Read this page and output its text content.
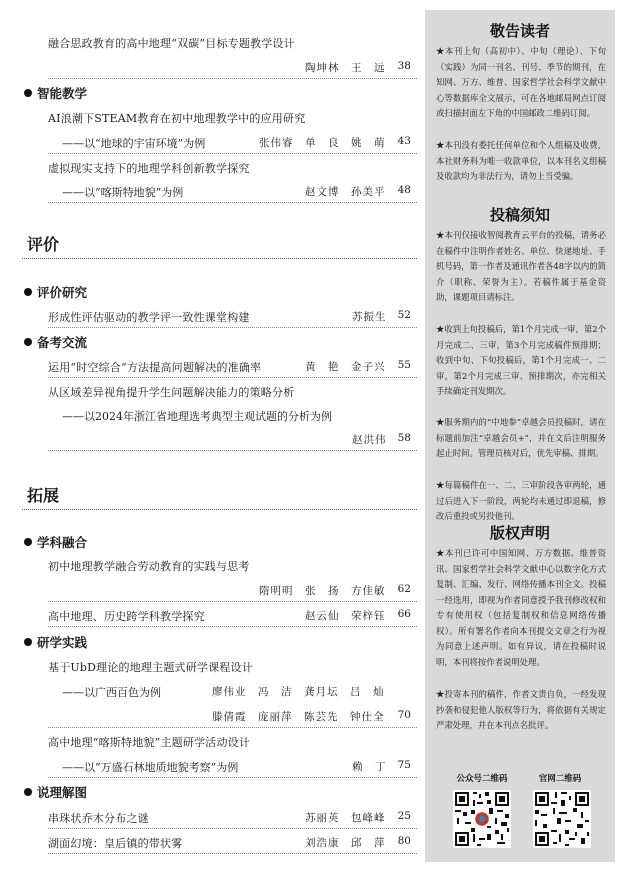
融合思政教育的高中地理“双碳”目标专题教学设计
陶坤林　王　远	38
智能教学
AI浪潮下STEAM教育在初中地理教学中的应用研究
——以“地球的宇宙环境”为例	张伟睿　单　良　姚　萌	43
虚拟现实支持下的地理学科创新教学探究
——以“喀斯特地貌”为例	赵文博　孙美平	48
评价
评价研究
形成性评估驱动的教学评一致性课堂构建	苏振生	52
备考交流
运用“时空综合”方法提高问题解决的准确率	黄　艳　金子兴	55
从区域差异视角提升学生问题解决能力的策略分析
——以2024年浙江省地理选考典型主观试题的分析为例
赵洪伟	58
拓展
学科融合
初中地理教学融合劳动教育的实践与思考
隋明明　张　扬　方佳敏	62
高中地理、历史跨学科教学探究	赵云仙　荣梓钰	66
研学实践
基于UbD理论的地理主题式研学课程设计
——以广西百色为例	廖伟业　冯　洁　龚月坛　吕　灿
滕倩霞　庞丽萍　陈芸先　钟仕全	70
高中地理“喀斯特地貌”主题研学活动设计
——以“万盛石林地质地貌考察”为例	赖　丁	75
说理解图
串珠状乔木分布之谜	苏丽英　包峰峰	25
湖面幻境：皇后镇的带状雾	刘浩康　邱　萍	80
敬告读者
★本刊上旬（高初中）、中旬（理论）、下旬（实践）为同一刊名、刊号、季节的期刊，在知网、万方、维普、国家哲学社会科学文献中心等数据库全文展示，可在各地邮局网点订阅或扫描封面左下角的中国邮政二维码订阅。
★本刊没有委托任何单位和个人组稿及收费，本社财务科为唯一收款单位，以本刊名义组稿及收款均为非法行为，请勿上当受骗。
投稿须知
★本刊仅接收智阅教育云平台的投稿，请务必在稿件中注明作者姓名、单位、快递地址、手机号码，第一作者及通讯作者各48字以内的简介（职称、荣誉为主）。若稿件属于基金资助，课题项目请标注。
★收到上旬投稿后，第1个月完成一审，第2个月完成二、三审，第3个月完成稿件预排期；收到中旬、下旬投稿后，第1个月完成一、二审，第2个月完成三审、预排期次，亦完相关手续确定刊发期次。
★服务期内的“中地参”卓越会员投稿时，请在标题前加注“卓越会员+”，并在文后注明服务起止时间。管理员核对后，优先审稿、排期。
★每篇稿件在一、二、三审阶段各审两轮，通过后进入下一阶段，两轮均未通过即退稿，修改后重投或另投他刊。
版权声明
★本刊已许可中国知网、万方数据、维普资讯、国家哲学社会科学文献中心以数字化方式复制、汇编、发行、网络传播本刊全文。投稿一经选用，即视为作者同意授予我刊修改权和专有使用权（包括复制权和信息网络传播权）。所有署名作者向本刊提交文章之行为视为同意上述声明。如有异议，请在投稿时说明，本刊将按作者说明处理。
★投寄本刊的稿件，作者文责自负，一经发现抄袭和侵犯他人版权等行为，将依据有关规定严肃处理，并在本刊点名批评。
公众号二维码	官网二维码
